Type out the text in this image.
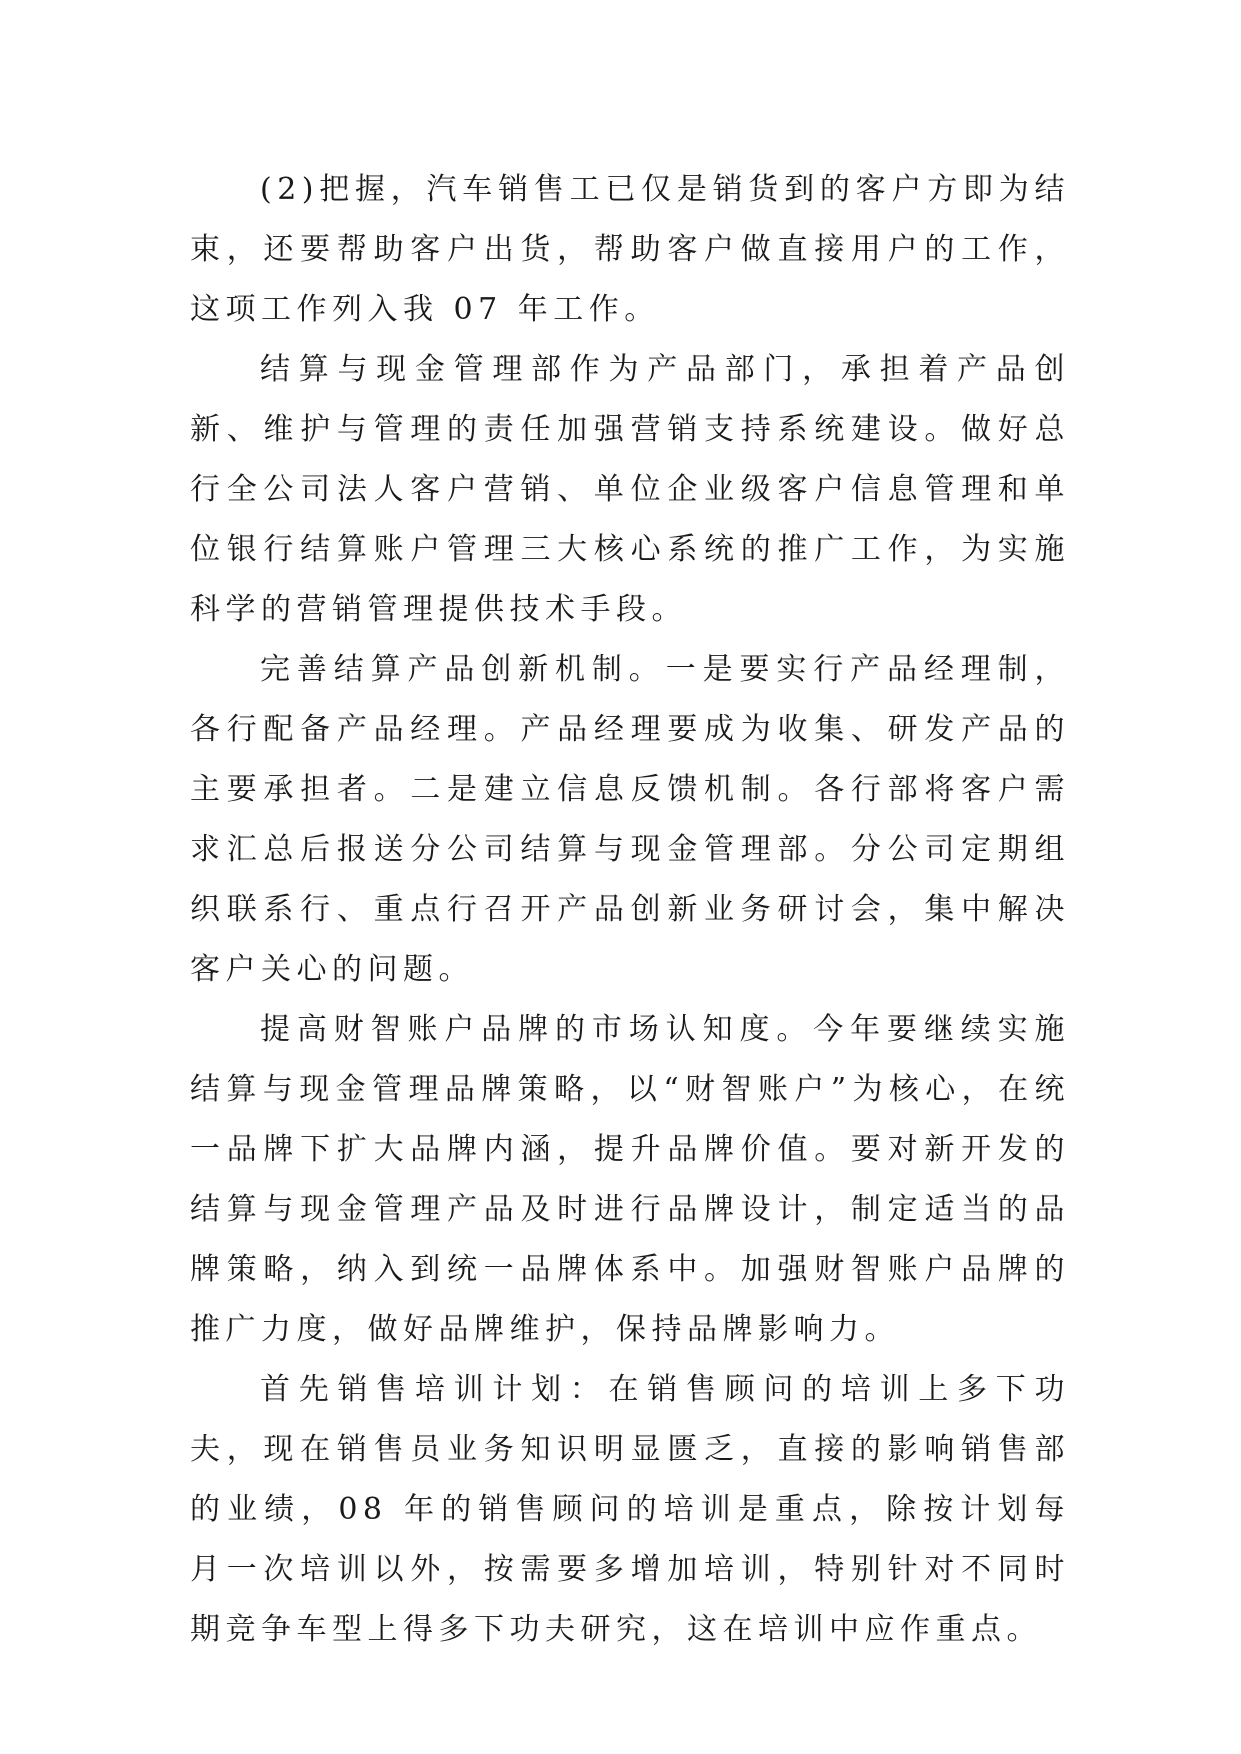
(2)把握，汽车销售工已仅是销货到的客户方即为结束，还要帮助客户出货，帮助客户做直接用户的工作，这项工作列入我 07 年工作。

结算与现金管理部作为产品部门，承担着产品创新、维护与管理的责任加强营销支持系统建设。做好总行全公司法人客户营销、单位企业级客户信息管理和单位银行结算账户管理三大核心系统的推广工作，为实施科学的营销管理提供技术手段。

完善结算产品创新机制。一是要实行产品经理制，各行配备产品经理。产品经理要成为收集、研发产品的主要承担者。二是建立信息反馈机制。各行部将客户需求汇总后报送分公司结算与现金管理部。分公司定期组织联系行、重点行召开产品创新业务研讨会，集中解决客户关心的问题。

提高财智账户品牌的市场认知度。今年要继续实施结算与现金管理品牌策略，以“财智账户”为核心，在统一品牌下扩大品牌内涵，提升品牌价值。要对新开发的结算与现金管理产品及时进行品牌设计，制定适当的品牌策略，纳入到统一品牌体系中。加强财智账户品牌的推广力度，做好品牌维护，保持品牌影响力。

首先销售培训计划：在销售顾问的培训上多下功夫，现在销售员业务知识明显匮乏，直接的影响销售部的业绩，08 年的销售顾问的培训是重点，除按计划每月一次培训以外，按需要多增加培训，特别针对不同时期竞争车型上得多下功夫研究，这在培训中应作重点。
